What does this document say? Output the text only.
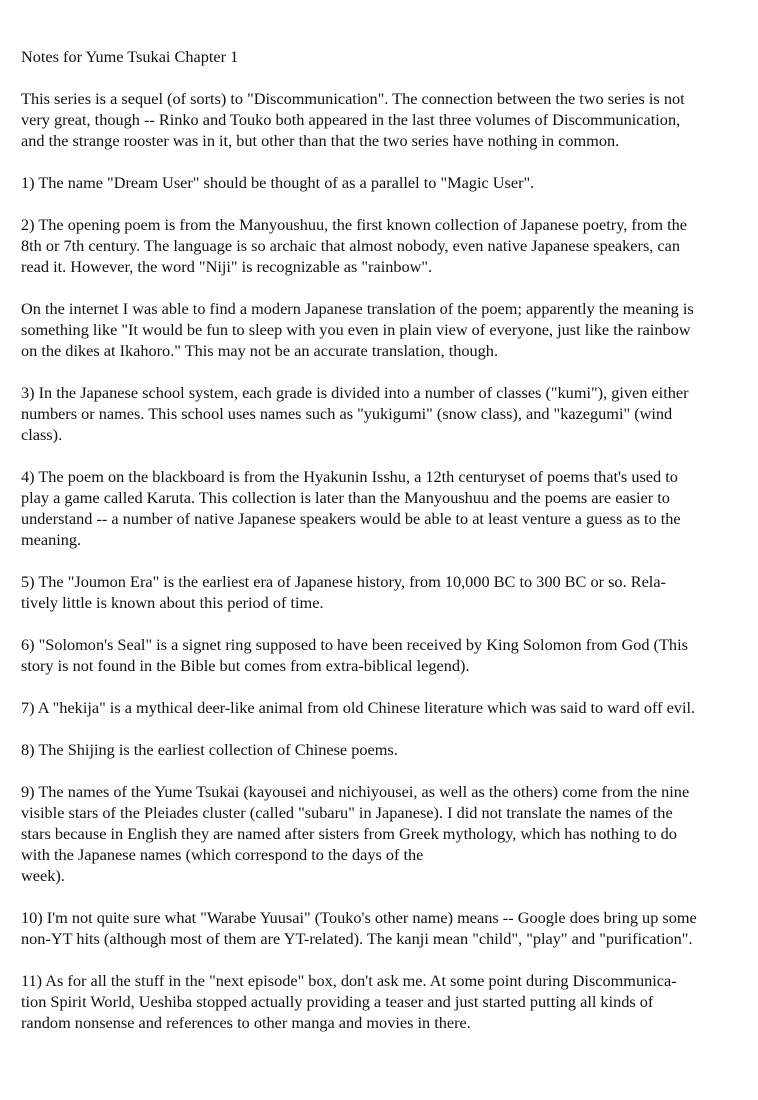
Notes for Yume Tsukai Chapter 1
This series is a sequel (of sorts) to "Discommunication". The connection between the two series is not
very great, though -- Rinko and Touko both appeared in the last three volumes of Discommunication,
and the strange rooster was in it, but other than that the two series have nothing in common.
1) The name "Dream User" should be thought of as a parallel to "Magic User".
2) The opening poem is from the Manyoushuu, the first known collection of Japanese poetry, from the
8th or 7th century. The language is so archaic that almost nobody, even native Japanese speakers, can
read it. However, the word "Niji" is recognizable as "rainbow".
On the internet I was able to find a modern Japanese translation of the poem; apparently the meaning is
something like "It would be fun to sleep with you even in plain view of everyone, just like the rainbow
on the dikes at Ikahoro." This may not be an accurate translation, though.
3) In the Japanese school system, each grade is divided into a number of classes ("kumi"), given either
numbers or names. This school uses names such as "yukigumi" (snow class), and "kazegumi" (wind
class).
4) The poem on the blackboard is from the Hyakunin Isshu, a 12th centuryset of poems that's used to
play a game called Karuta. This collection is later than the Manyoushuu and the poems are easier to
understand -- a number of native Japanese speakers would be able to at least venture a guess as to the
meaning.
5) The "Joumon Era" is the earliest era of Japanese history, from 10,000 BC to 300 BC or so. Rela-
tively little is known about this period of time.
6) "Solomon's Seal" is a signet ring supposed to have been received by King Solomon from God (This
story is not found in the Bible but comes from extra-biblical legend).
7) A "hekija" is a mythical deer-like animal from old Chinese literature which was said to ward off evil.
8) The Shijing is the earliest collection of Chinese poems.
9) The names of the Yume Tsukai (kayousei and nichiyousei, as well as the others) come from the nine
visible stars of the Pleiades cluster (called "subaru" in Japanese). I did not translate the names of the
stars because in English they are named after sisters from Greek mythology, which has nothing to do
with the Japanese names (which correspond to the days of the
week).
10) I'm not quite sure what "Warabe Yuusai" (Touko's other name) means -- Google does bring up some
non-YT hits (although most of them are YT-related). The kanji mean "child", "play" and "purification".
11) As for all the stuff in the "next episode" box, don't ask me. At some point during Discommunica-
tion Spirit World, Ueshiba stopped actually providing a teaser and just started putting all kinds of
random nonsense and references to other manga and movies in there.
